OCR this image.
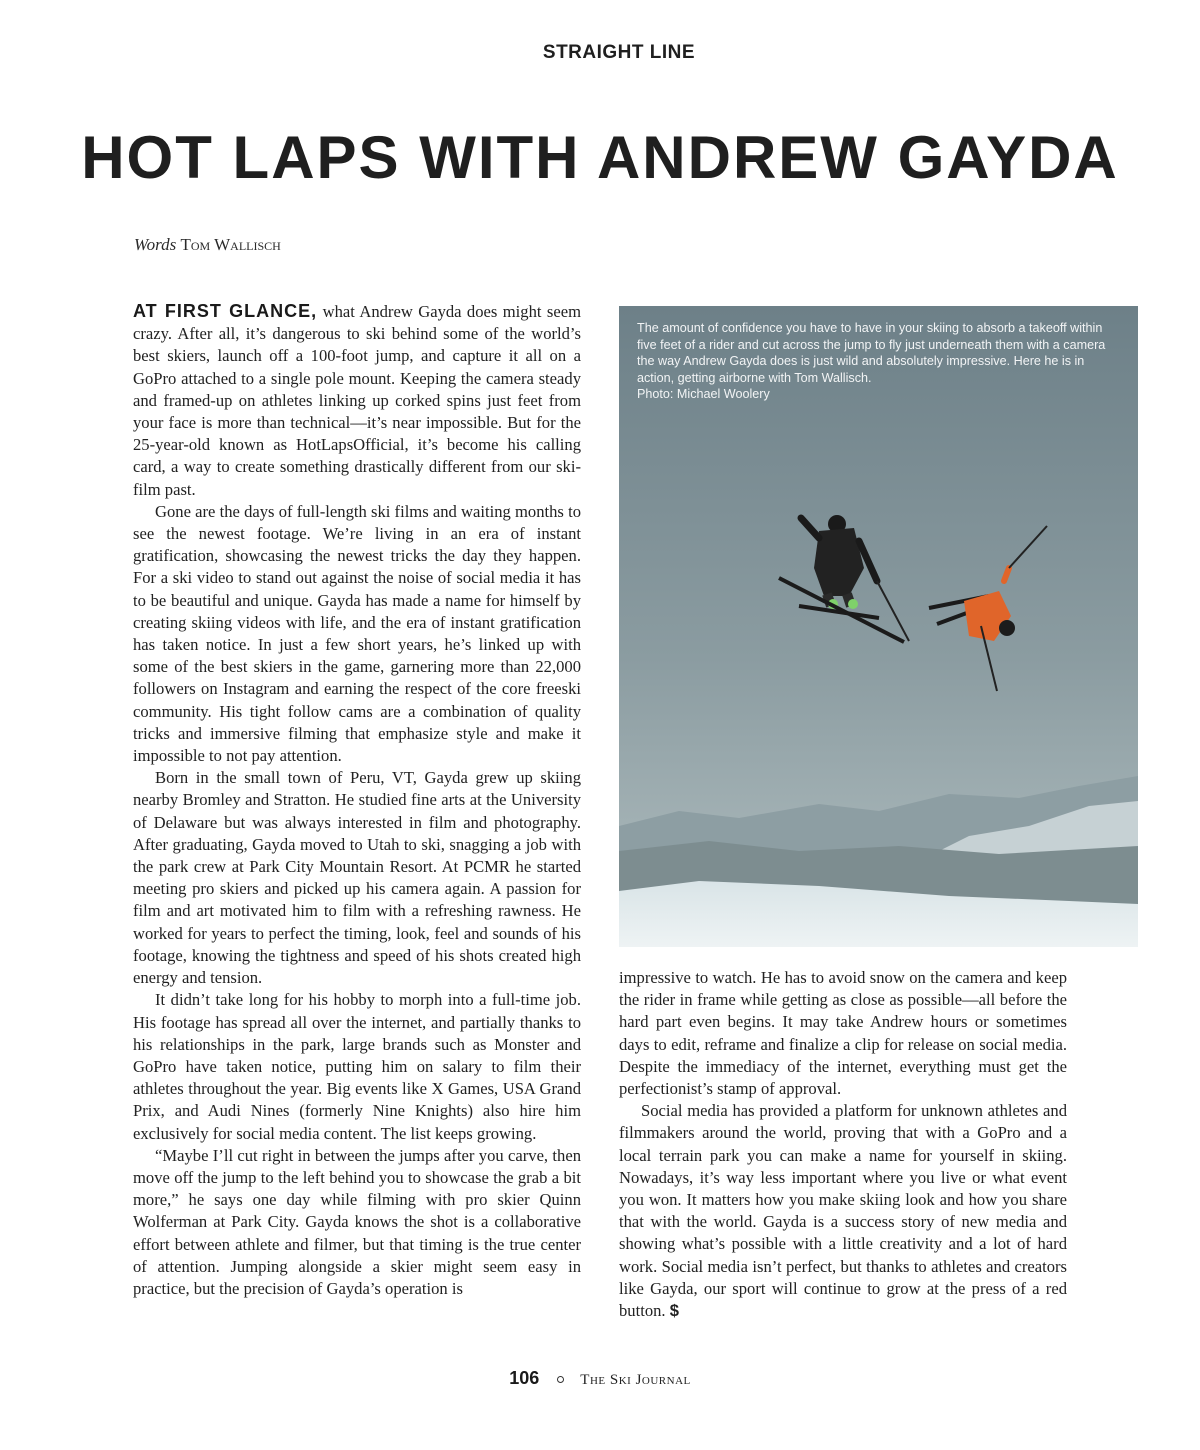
STRAIGHT LINE
HOT LAPS WITH ANDREW GAYDA
Words Tom Wallisch

AT FIRST GLANCE, what Andrew Gayda does might seem crazy. After all, it’s dangerous to ski behind some of the world’s best skiers, launch off a 100-foot jump, and capture it all on a GoPro attached to a single pole mount. Keeping the camera steady and framed-up on athletes linking up corked spins just feet from your face is more than technical—it’s near impossible. But for the 25-year-old known as HotLapsOfficial, it’s become his calling card, a way to create something drastically different from our ski-film past.

Gone are the days of full-length ski films and waiting months to see the newest footage. We’re living in an era of instant gratification, showcasing the newest tricks the day they happen. For a ski video to stand out against the noise of social media it has to be beautiful and unique. Gayda has made a name for himself by creating skiing videos with life, and the era of instant gratification has taken notice. In just a few short years, he’s linked up with some of the best skiers in the game, garnering more than 22,000 followers on Instagram and earning the respect of the core freeski community. His tight follow cams are a combination of quality tricks and immersive filming that emphasize style and make it impossible to not pay attention.

Born in the small town of Peru, VT, Gayda grew up skiing nearby Bromley and Stratton. He studied fine arts at the University of Delaware but was always interested in film and photography. After graduating, Gayda moved to Utah to ski, snagging a job with the park crew at Park City Mountain Resort. At PCMR he started meeting pro skiers and picked up his camera again. A passion for film and art motivated him to film with a refreshing rawness. He worked for years to perfect the timing, look, feel and sounds of his footage, knowing the tightness and speed of his shots created high energy and tension.

It didn’t take long for his hobby to morph into a full-time job. His footage has spread all over the internet, and partially thanks to his relationships in the park, large brands such as Monster and GoPro have taken notice, putting him on salary to film their athletes throughout the year. Big events like X Games, USA Grand Prix, and Audi Nines (formerly Nine Knights) also hire him exclusively for social media content. The list keeps growing.

“Maybe I’ll cut right in between the jumps after you carve, then move off the jump to the left behind you to showcase the grab a bit more,” he says one day while filming with pro skier Quinn Wolferman at Park City. Gayda knows the shot is a collaborative effort between athlete and filmer, but that timing is the true center of attention. Jumping alongside a skier might seem easy in practice, but the precision of Gayda’s operation is

The amount of confidence you have to have in your skiing to absorb a takeoff within five feet of a rider and cut across the jump to fly just underneath them with a camera the way Andrew Gayda does is just wild and absolutely impressive. Here he is in action, getting airborne with Tom Wallisch.

Photo: Michael Woolery

impressive to watch. He has to avoid snow on the camera and keep the rider in frame while getting as close as possible—all before the hard part even begins. It may take Andrew hours or sometimes days to edit, reframe and finalize a clip for release on social media. Despite the immediacy of the internet, everything must get the perfectionist’s stamp of approval.

Social media has provided a platform for unknown athletes and filmmakers around the world, proving that with a GoPro and a local terrain park you can make a name for yourself in skiing. Nowadays, it’s way less important where you live or what event you won. It matters how you make skiing look and how you share that with the world. Gayda is a success story of new media and showing what’s possible with a little creativity and a lot of hard work. Social media isn’t perfect, but thanks to athletes and creators like Gayda, our sport will continue to grow at the press of a red button. $

106	The Ski Journal
